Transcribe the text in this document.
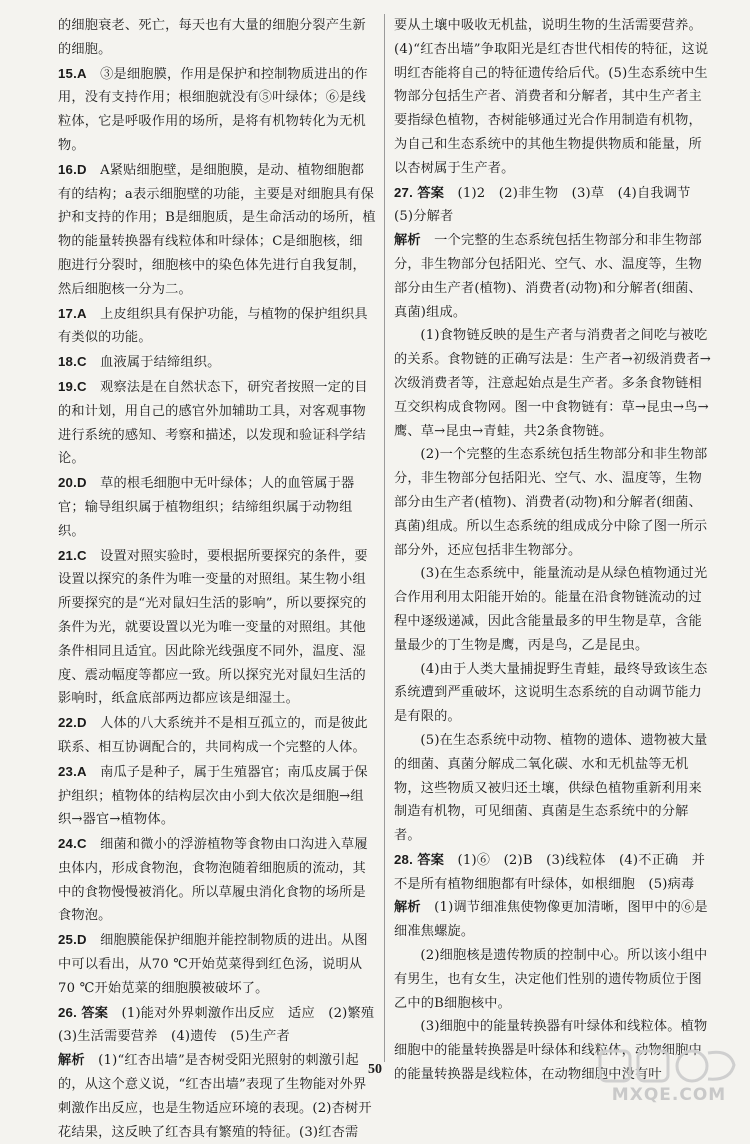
的细胞衰老、死亡，每天也有大量的细胞分裂产生新的细胞。

15.A　 ③是细胞膜，作用是保护和控制物质进出的作用，没有支持作用；根细胞就没有⑤叶绿体；⑥是线粒体，它是呼吸作用的场所，是将有机物转化为无机物。

16.D　 A紧贴细胞壁，是细胞膜，是动、植物细胞都有的结构；a表示细胞壁的功能，主要是对细胞具有保护和支持的作用；B是细胞质，是生命活动的场所，植物的能量转换器有线粒体和叶绿体；C是细胞核，细胞进行分裂时，细胞核中的染色体先进行自我复制，然后细胞核一分为二。

17.A　 上皮组织具有保护功能，与植物的保护组织具有类似的功能。

18.C　 血液属于结缔组织。

19.C　 观察法是在自然状态下，研究者按照一定的目的和计划，用自己的感官外加辅助工具，对客观事物进行系统的感知、考察和描述，以发现和验证科学结论。

20.D　 草的根毛细胞中无叶绿体；人的血管属于器官；输导组织属于植物组织；结缔组织属于动物组织。

21.C　 设置对照实验时，要根据所要探究的条件，要设置以探究的条件为唯一变量的对照组。某生物小组所要探究的是“光对鼠妇生活的影响”，所以要探究的条件为光，就要设置以光为唯一变量的对照组。其他条件相同且适宜。因此除光线强度不同外，温度、湿度、震动幅度等都应一致。所以探究光对鼠妇生活的影响时，纸盒底部两边都应该是细湿土。

22.D　 人体的八大系统并不是相互孤立的，而是彼此联系、相互协调配合的，共同构成一个完整的人体。

23.A　 南瓜子是种子，属于生殖器官；南瓜皮属于保护组织；植物体的结构层次由小到大依次是细胞→组织→器官→植物体。

24.C　 细菌和微小的浮游植物等食物由口沟进入草履虫体内，形成食物泡，食物泡随着细胞质的流动，其中的食物慢慢被消化。所以草履虫消化食物的场所是食物泡。

25.D　 细胞膜能保护细胞并能控制物质的进出。从图中可以看出，从70 ℃开始苋菜得到红色汤，说明从70 ℃开始苋菜的细胞膜被破坏了。

26. 答案　 (1)能对外界刺激作出反应　适应　(2)繁殖　(3)生活需要营养　(4)遗传　(5)生产者

解析　 (1)“红杏出墙”是杏树受阳光照射的刺激引起的，从这个意义说，“红杏出墙”表现了生物能对外界刺激作出反应，也是生物适应环境的表现。(2)杏树开花结果，这反映了红杏具有繁殖的特征。(3)红杏需

要从土壤中吸收无机盐，说明生物的生活需要营养。(4)“红杏出墙”争取阳光是红杏世代相传的特征，这说明红杏能将自己的特征遗传给后代。(5)生态系统中生物部分包括生产者、消费者和分解者，其中生产者主要指绿色植物，杏树能够通过光合作用制造有机物，为自己和生态系统中的其他生物提供物质和能量，所以杏树属于生产者。

27. 答案　 (1)2　(2)非生物　(3)草　(4)自我调节　(5)分解者

解析　 一个完整的生态系统包括生物部分和非生物部分，非生物部分包括阳光、空气、水、温度等，生物部分由生产者(植物)、消费者(动物)和分解者(细菌、真菌)组成。

(1)食物链反映的是生产者与消费者之间吃与被吃的关系。食物链的正确写法是：生产者→初级消费者→次级消费者等，注意起始点是生产者。多条食物链相互交织构成食物网。图一中食物链有：草→昆虫→鸟→鹰、草→昆虫→青蛙，共2条食物链。

(2)一个完整的生态系统包括生物部分和非生物部分，非生物部分包括阳光、空气、水、温度等，生物部分由生产者(植物)、消费者(动物)和分解者(细菌、真菌)组成。所以生态系统的组成成分中除了图一所示部分外，还应包括非生物部分。

(3)在生态系统中，能量流动是从绿色植物通过光合作用利用太阳能开始的。能量在沿食物链流动的过程中逐级递减，因此含能量最多的甲生物是草，含能量最少的丁生物是鹰，丙是鸟，乙是昆虫。

(4)由于人类大量捕捉野生青蛙，最终导致该生态系统遭到严重破坏，这说明生态系统的自动调节能力是有限的。

(5)在生态系统中动物、植物的遗体、遗物被大量的细菌、真菌分解成二氧化碳、水和无机盐等无机物，这些物质又被归还土壤，供绿色植物重新利用来制造有机物，可见细菌、真菌是生态系统中的分解者。

28. 答案　 (1)⑥　(2)B　(3)线粒体　(4)不正确　并不是所有植物细胞都有叶绿体，如根细胞　(5)病毒

解析　 (1)调节细准焦使物像更加清晰，图甲中的⑥是细准焦螺旋。

(2)细胞核是遗传物质的控制中心。所以该小组中有男生，也有女生，决定他们性别的遗传物质位于图乙中的B细胞核中。

(3)细胞中的能量转换器有叶绿体和线粒体。植物细胞中的能量转换器是叶绿体和线粒体，动物细胞中的能量转换器是线粒体，在动物细胞中没有叶

50
MXQE.COM
